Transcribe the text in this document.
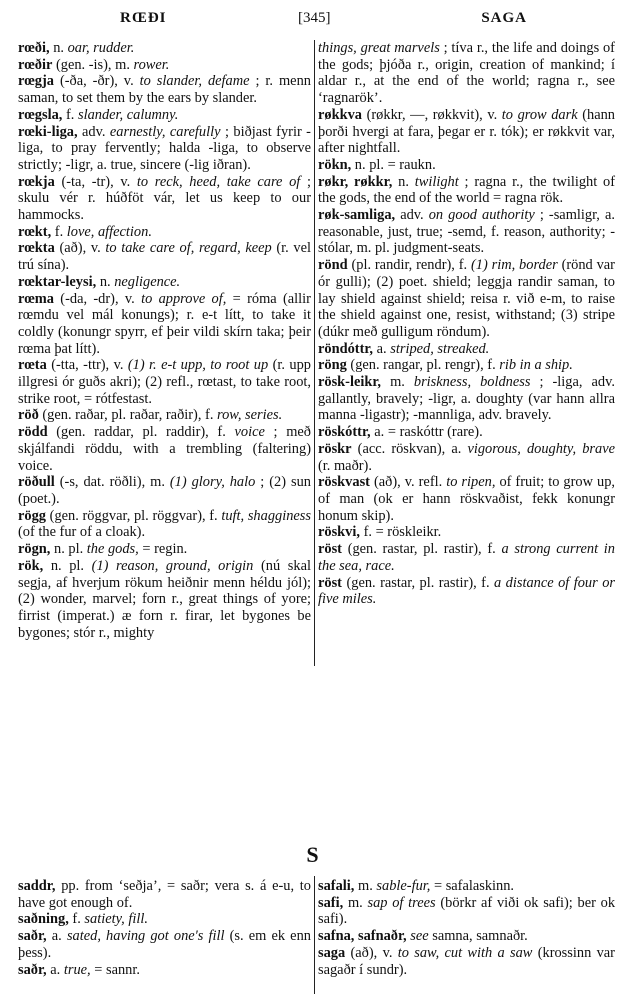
RŒÐI	[345]	SAGA

rœði, n. oar, rudder.

rœðir (gen. -is), m. rower.

rœgja (-ða, -ðr), v. to slander, defame ; r. menn saman, to set them by the ears by slander.

rœgsla, f. slander, calumny.

rœki-liga, adv. earnestly, carefully ; biðjast fyrir -liga, to pray fervently; halda -liga, to observe strictly; -ligr, a. true, sincere (-lig iðran).

rœkja (-ta, -tr), v. to reck, heed, take care of ; skulu vér r. húðföt vár, let us keep to our hammocks.

rœkt, f. love, affection.

rœkta (að), v. to take care of, regard, keep (r. vel trú sína).

rœktar-leysi, n. negligence.

rœma (-da, -dr), v. to approve of, = róma (allir rœmdu vel mál konungs); r. e-t lítt, to take it coldly (konungr spyrr, ef þeir vildi skírn taka; þeir rœma þat lítt).

rœta (-tta, -ttr), v. (1) r. e-t upp, to root up (r. upp illgresi ór guðs akri); (2) refl., rœtast, to take root, strike root, = rótfestast.

röð (gen. raðar, pl. raðar, raðir), f. row, series.

rödd (gen. raddar, pl. raddir), f. voice ; með skjálfandi röddu, with a trembling (faltering) voice.

röðull (-s, dat. röðli), m. (1) glory, halo ; (2) sun (poet.).

rögg (gen. röggvar, pl. röggvar), f. tuft, shagginess (of the fur of a cloak).

rögn, n. pl. the gods, = regin.

rök, n. pl. (1) reason, ground, origin (nú skal segja, af hverjum rökum heiðnir menn héldu jól); (2) wonder, marvel; forn r., great things of yore; firrist (imperat.) æ forn r. firar, let bygones be bygones; stór r., mighty

things, great marvels ; tíva r., the life and doings of the gods; þjóða r., origin, creation of mankind; í aldar r., at the end of the world; ragna r., see ‘ragnarök’.

røkkva (røkkr, —, røkkvit), v. to grow dark (hann þorði hvergi at fara, þegar er r. tók); er røkkvit var, after nightfall.

rökn, n. pl. = raukn.

røkr, røkkr, n. twilight ; ragna r., the twilight of the gods, the end of the world = ragna rök.

røk-samliga, adv. on good authority ; -samligr, a. reasonable, just, true; -semd, f. reason, authority; -stólar, m. pl. judgment-seats.

rönd (pl. randir, rendr), f. (1) rim, border (rönd var ór gulli); (2) poet. shield; leggja randir saman, to lay shield against shield; reisa r. við e-m, to raise the shield against one, resist, withstand; (3) stripe (dúkr með gulligum röndum).

röndóttr, a. striped, streaked.

röng (gen. rangar, pl. rengr), f. rib in a ship.

rösk-leikr, m. briskness, boldness ; -liga, adv. gallantly, bravely; -ligr, a. doughty (var hann allra manna -ligastr); -mannliga, adv. bravely.

rösk​óttr, a. = raskóttr (rare).

röskr (acc. röskvan), a. vigorous, doughty, brave (r. maðr).

röskvast (að), v. refl. to ripen, of fruit; to grow up, of man (ok er hann röskvaðist, fekk konungr honum skip).

röskvi, f. = röskleikr.

röst (gen. rastar, pl. rastir), f. a strong current in the sea, race.

röst (gen. rastar, pl. rastir), f. a distance of four or five miles.

S

saddr, pp. from ‘seðja’, = saðr; vera s. á e-u, to have got enough of.

saðning, f. satiety, fill.

saðr, a. sated, having got one's fill (s. em ek enn þess).

saðr, a. true, = sannr.

safali, m. sable-fur, = safalaskinn.

safi, m. sap of trees (börkr af viði ok safi); ber ok safi).

safna, safnaðr, see samna, samnaðr.

saga (að), v. to saw, cut with a saw (krossinn var sagaðr í sundr).
